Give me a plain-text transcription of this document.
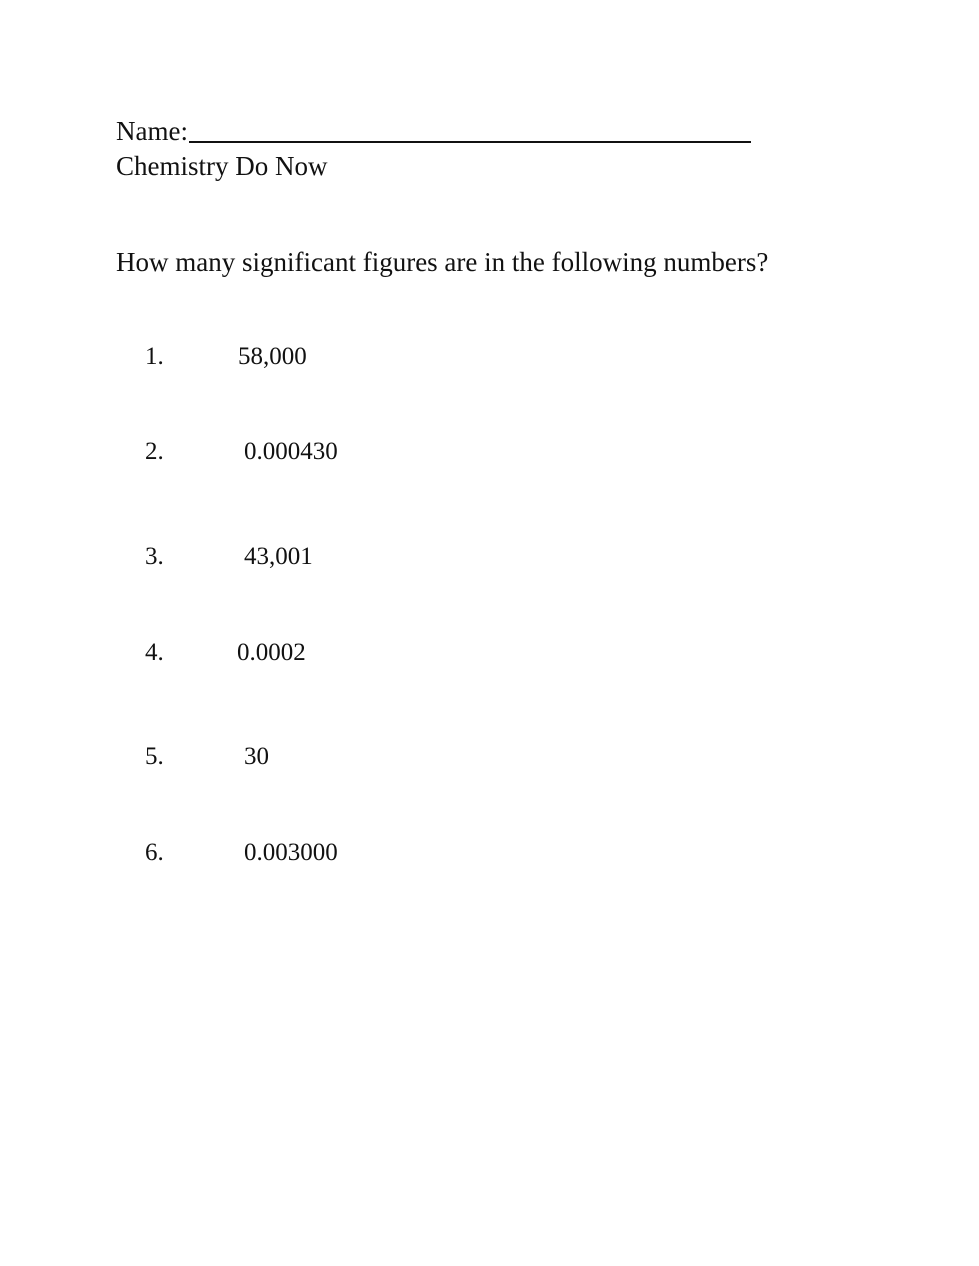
Name:
Chemistry Do Now
How many significant figures are in the following numbers?
1.	58,000
2.	0.000430
3.	43,001
4.	0.0002
5.	30
6.	0.003000
